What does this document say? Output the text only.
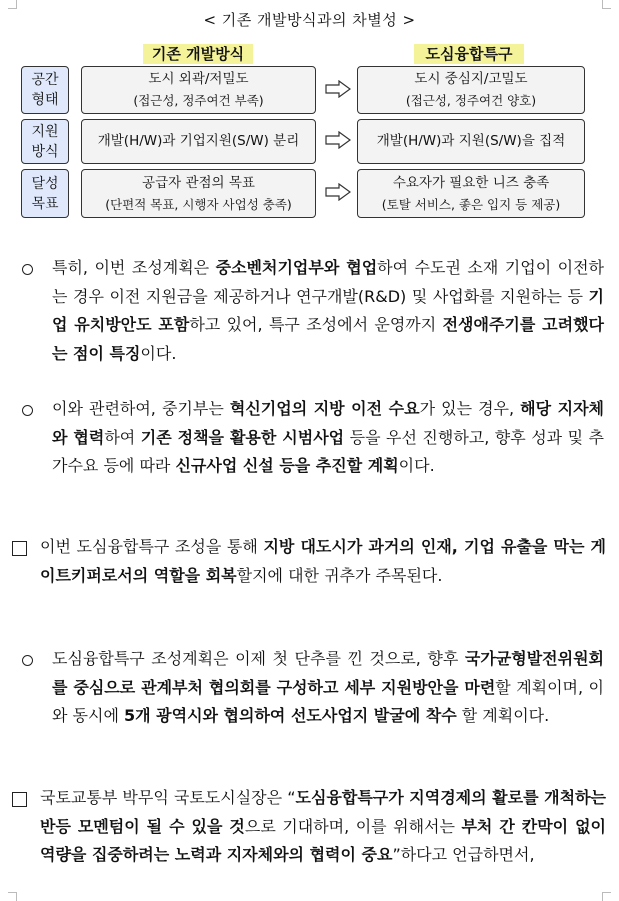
< 기존 개발방식과의 차별성 >
기존 개발방식	도심융합특구
공간
형태
도시 외곽/저밀도
(접근성, 정주여건 부족)
도시 중심지/고밀도
(접근성, 정주여건 양호)
지원
방식
개발(H/W)과 기업지원(S/W) 분리	개발(H/W)과 지원(S/W)을 집적
달성
목표
공급자 관점의 목표
(단편적 목표, 시행자 사업성 충족)
수요자가 필요한 니즈 충족
(토탈 서비스, 좋은 입지 등 제공)

특히, 이번 조성계획은 중소벤처기업부와 협업하여 수도권 소재 기업이 이전하는 경우 이전 지원금을 제공하거나 연구개발(R&D) 및 사업화를 지원하는 등 기업 유치방안도 포함하고 있어, 특구 조성에서 운영까지 전생애주기를 고려했다는 점이 특징이다.

이와 관련하여, 중기부는 혁신기업의 지방 이전 수요가 있는 경우, 해당 지자체와 협력하여 기존 정책을 활용한 시범사업 등을 우선 진행하고, 향후 성과 및 추가수요 등에 따라 신규사업 신설 등을 추진할 계획이다.

이번 도심융합특구 조성을 통해 지방 대도시가 과거의 인재, 기업 유출을 막는 게이트키퍼로서의 역할을 회복할지에 대한 귀추가 주목된다.

도심융합특구 조성계획은 이제 첫 단추를 낀 것으로, 향후 국가균형발전위원회를 중심으로 관계부처 협의회를 구성하고 세부 지원방안을 마련할 계획이며, 이와 동시에 5개 광역시와 협의하여 선도사업지 발굴에 착수 할 계획이다.

국토교통부 박무익 국토도시실장은 “도심융합특구가 지역경제의 활로를 개척하는 반등 모멘텀이 될 수 있을 것으로 기대하며, 이를 위해서는 부처 간 칸막이 없이 역량을 집중하려는 노력과 지자체와의 협력이 중요”하다고 언급하면서,
